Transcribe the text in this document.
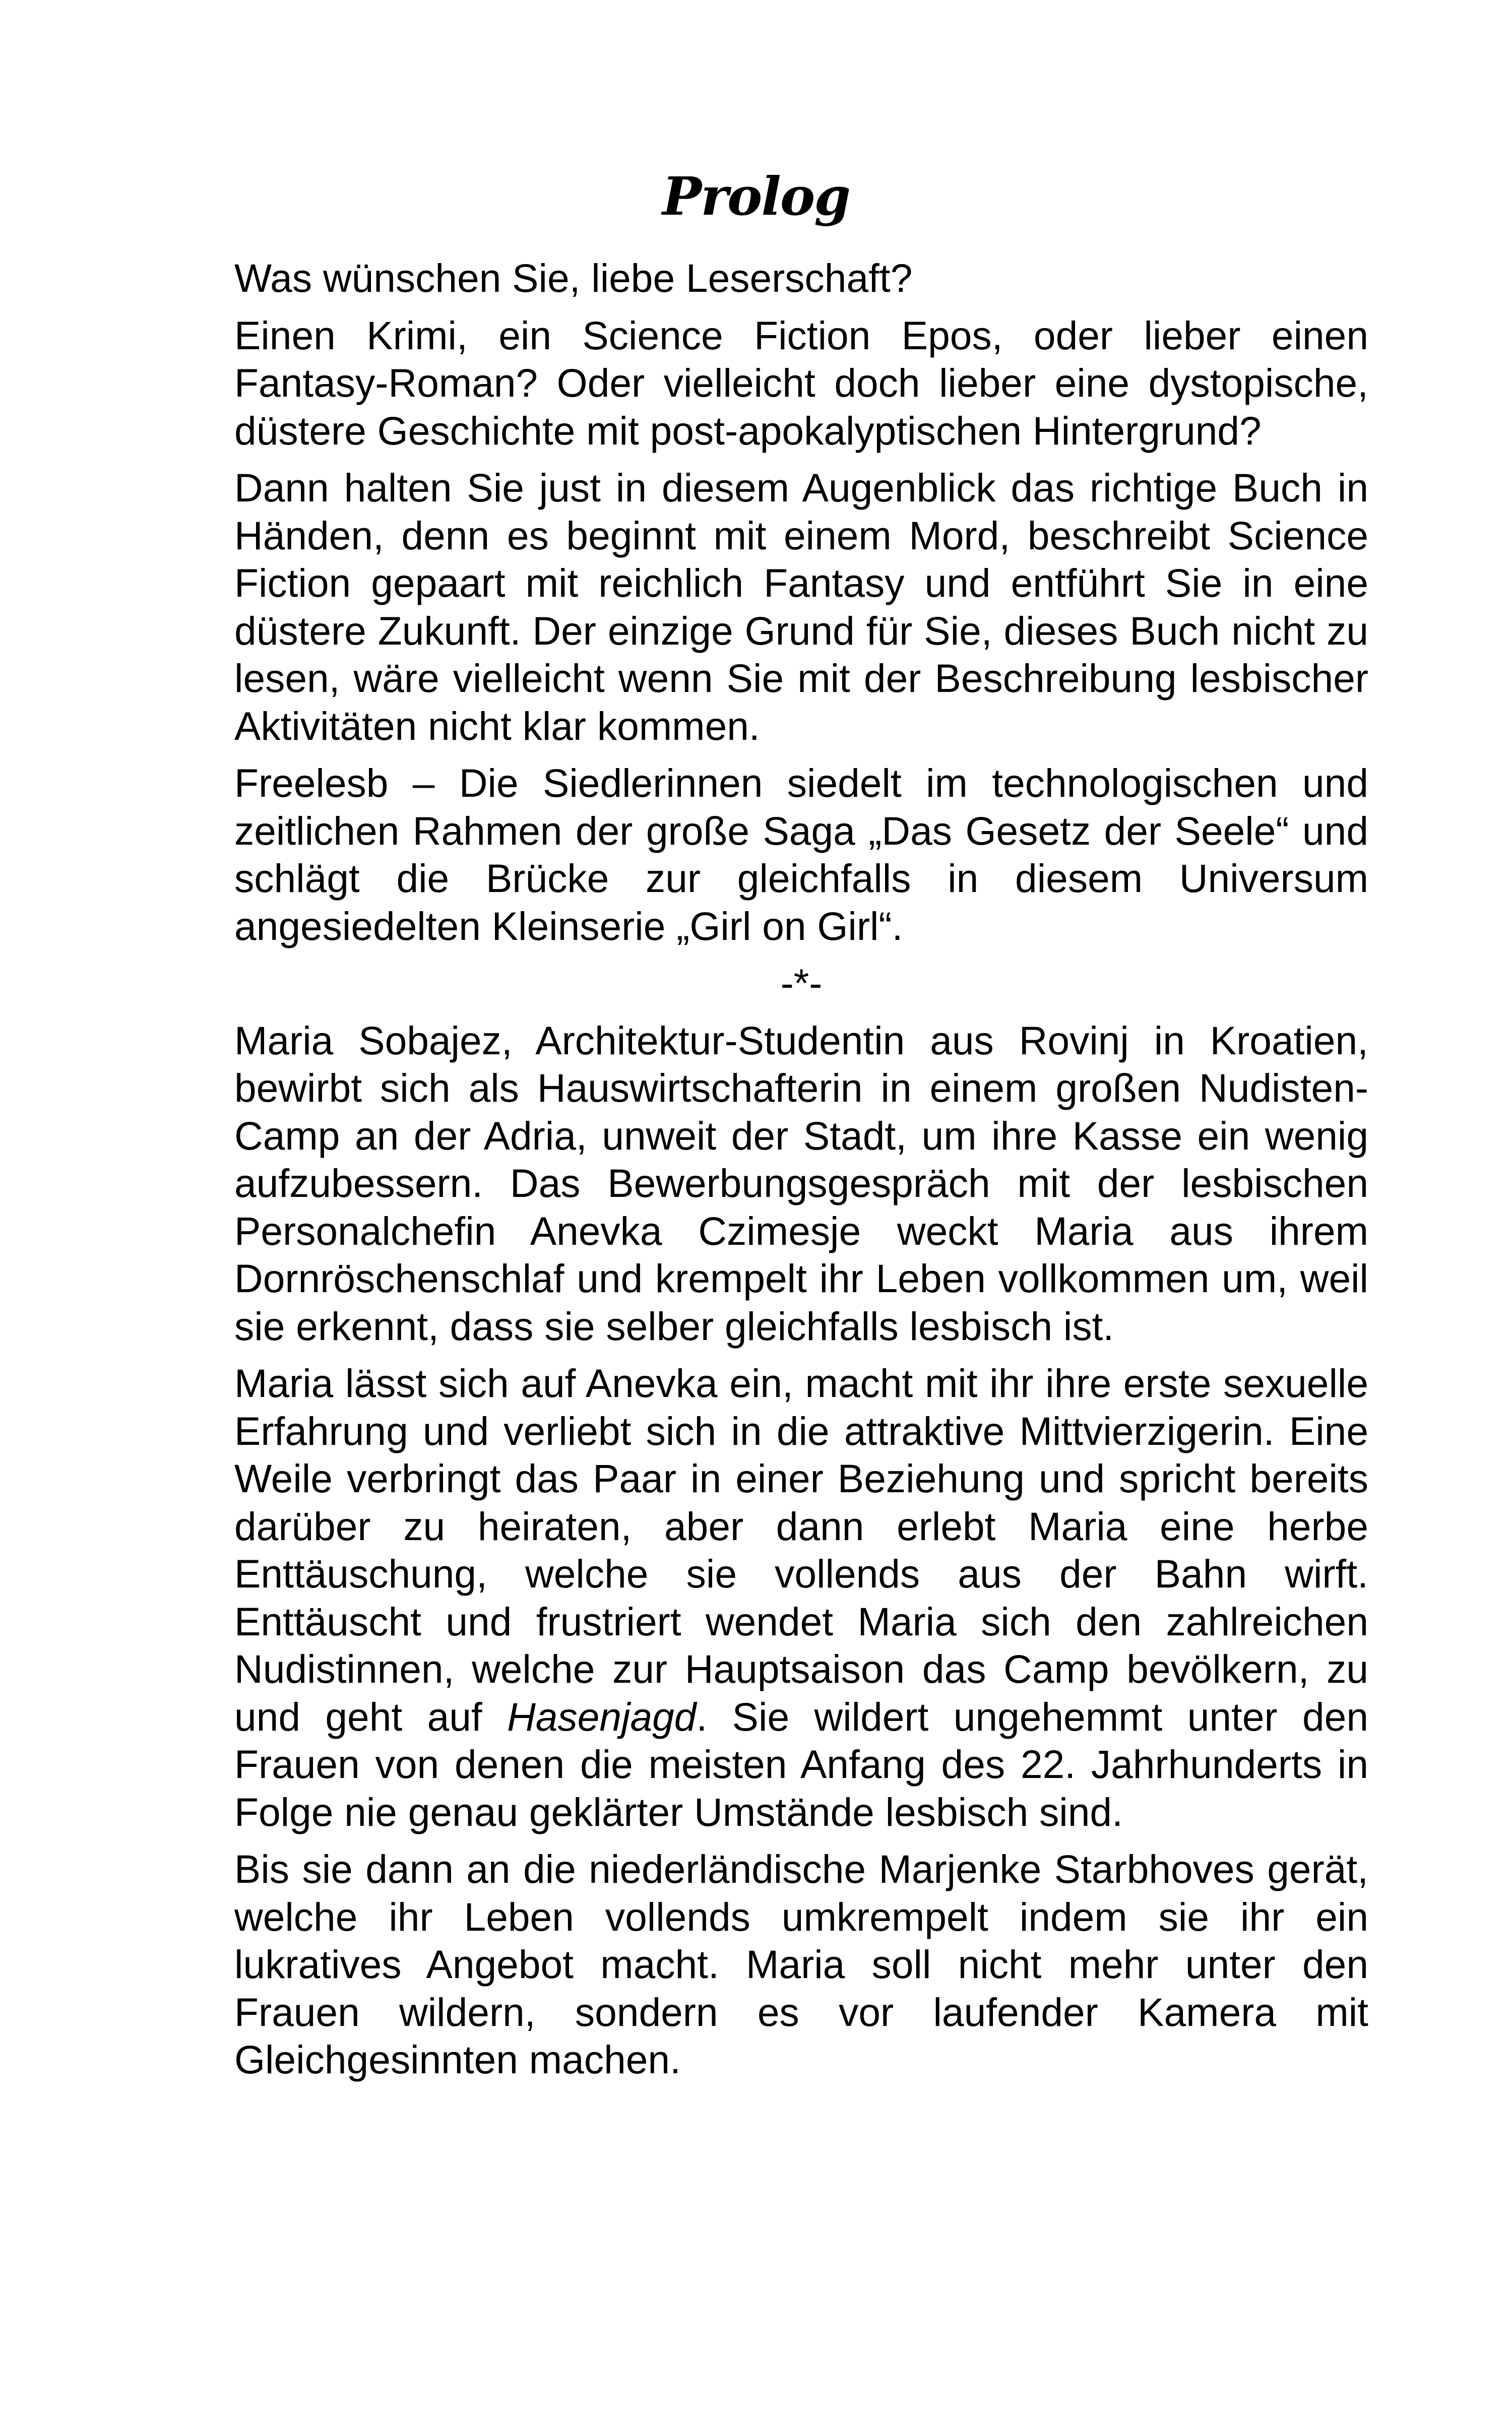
Prolog

Was wünschen Sie, liebe Leserschaft?

Einen Krimi, ein Science Fiction Epos, oder lieber einen Fantasy-Roman? Oder vielleicht doch lieber eine dystopische, düstere Geschichte mit post-apokalyptischen Hintergrund?

Dann halten Sie just in diesem Augenblick das richtige Buch in Händen, denn es beginnt mit einem Mord, beschreibt Science Fiction gepaart mit reichlich Fantasy und entführt Sie in eine düstere Zukunft. Der einzige Grund für Sie, dieses Buch nicht zu lesen, wäre vielleicht wenn Sie mit der Beschreibung lesbischer Aktivitäten nicht klar kommen.

Freelesb – Die Siedlerinnen siedelt im technologischen und zeitlichen Rahmen der große Saga „Das Gesetz der Seele“ und schlägt die Brücke zur gleichfalls in diesem Universum angesiedelten Kleinserie „Girl on Girl“.

-*-

Maria Sobajez, Architektur-Studentin aus Rovinj in Kroatien, bewirbt sich als Hauswirtschafterin in einem großen Nudisten-Camp an der Adria, unweit der Stadt, um ihre Kasse ein wenig aufzubessern. Das Bewerbungsgespräch mit der lesbischen Personalchefin Anevka Czimesje weckt Maria aus ihrem Dornröschenschlaf und krempelt ihr Leben vollkommen um, weil sie erkennt, dass sie selber gleichfalls lesbisch ist.

Maria lässt sich auf Anevka ein, macht mit ihr ihre erste sexuelle Erfahrung und verliebt sich in die attraktive Mittvierzigerin. Eine Weile verbringt das Paar in einer Beziehung und spricht bereits darüber zu heiraten, aber dann erlebt Maria eine herbe Enttäuschung, welche sie vollends aus der Bahn wirft. Enttäuscht und frustriert wendet Maria sich den zahlreichen Nudistinnen, welche zur Hauptsaison das Camp bevölkern, zu und geht auf Hasenjagd. Sie wildert ungehemmt unter den Frauen von denen die meisten Anfang des 22. Jahrhunderts in Folge nie genau geklärter Umstände lesbisch sind.

Bis sie dann an die niederländische Marjenke Starbhoves gerät, welche ihr Leben vollends umkrempelt indem sie ihr ein lukratives Angebot macht. Maria soll nicht mehr unter den Frauen wildern, sondern es vor laufender Kamera mit Gleichgesinnten machen.
